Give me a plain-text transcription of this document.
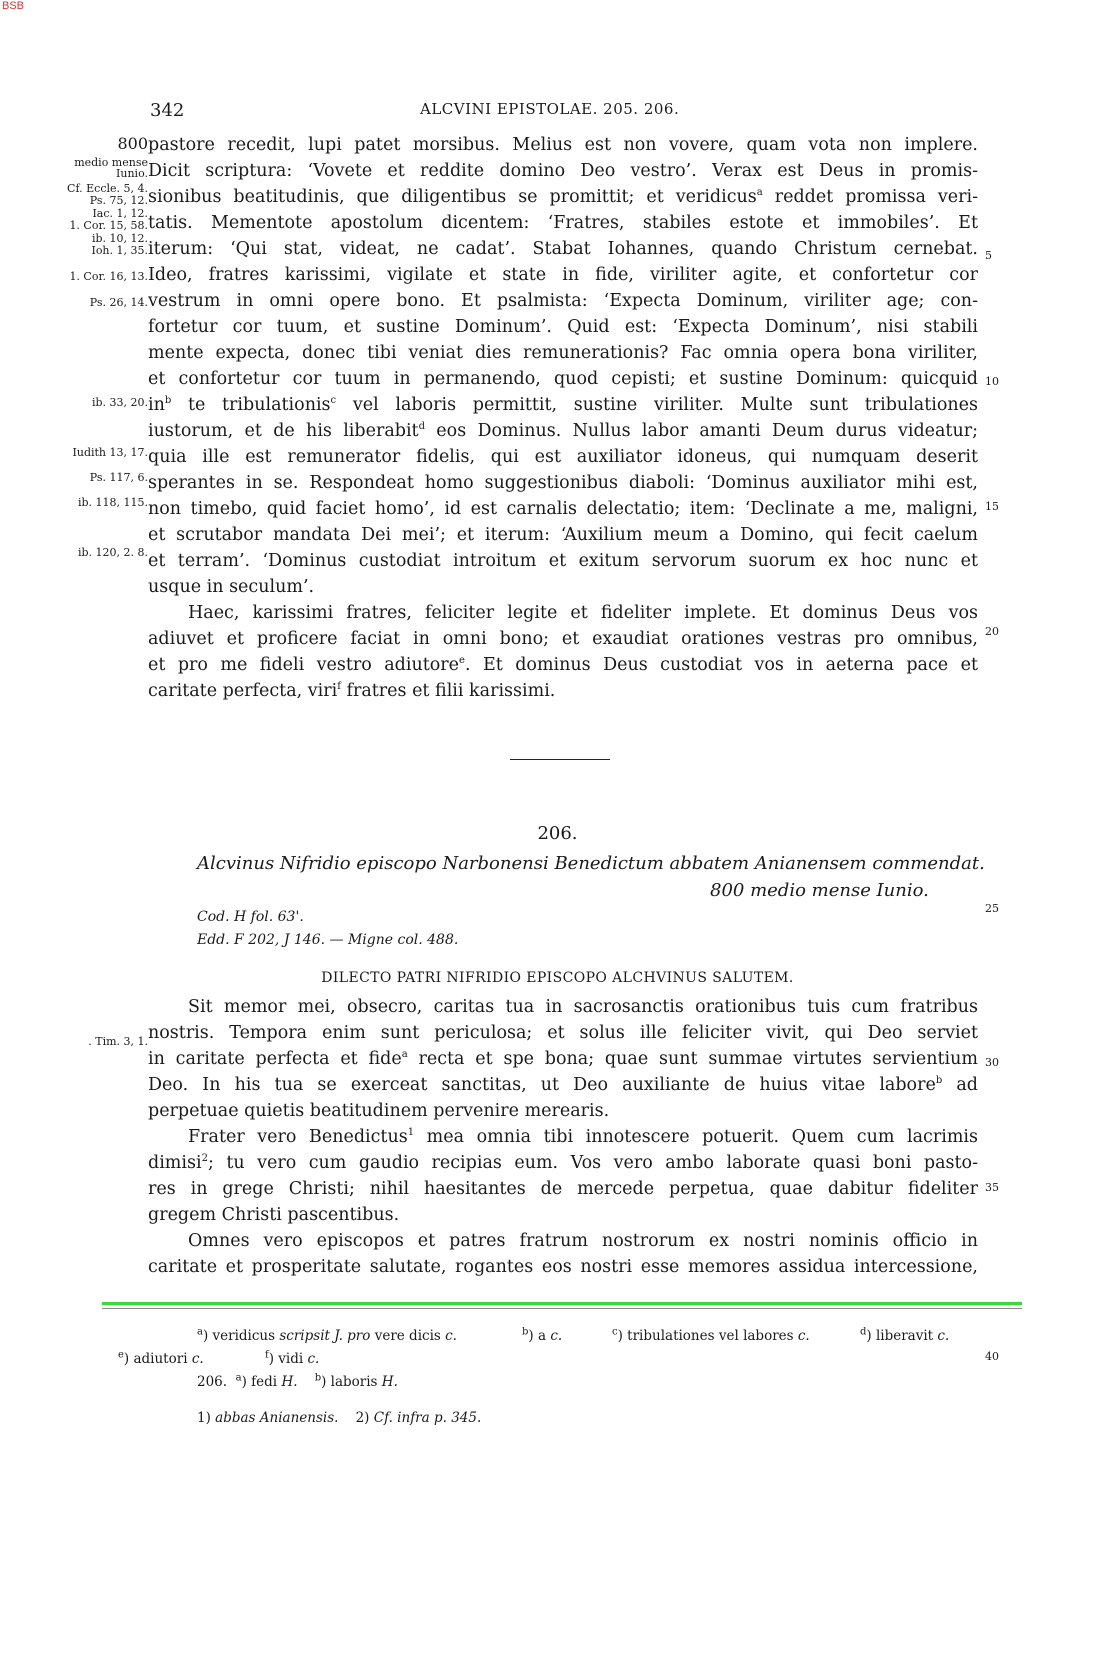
BSB
342	ALCVINI EPISTOLAE. 205. 206.
800
medio mense
Iunio.
Cf. Eccle. 5, 4.
Ps. 75, 12.
Iac. 1, 12.
1. Cor. 15, 58.
ib. 10, 12.
Ioh. 1, 35.
1. Cor. 16, 13.
Ps. 26, 14.
ib. 33, 20.
Iudith 13, 17.
Ps. 117, 6.
ib. 118, 115.
ib. 120, 2. 8.
5
10
15
20
25
30
35
40
pastore recedit, lupi patet morsibus. Melius est non vovere, quam vota non implere.
Dicit scriptura: ‘Vovete et reddite domino Deo vestro’. Verax est Deus in promis-
sionibus beatitudinis, que diligentibus se promittit; et veridicus$^a$ reddet promissa veri-
tatis. Mementote apostolum dicentem: ‘Fratres, stabiles estote et immobiles’. Et
iterum: ‘Qui stat, videat, ne cadat’. Stabat Iohannes, quando Christum cernebat.
Ideo, fratres karissimi, vigilate et state in fide, viriliter agite, et confortetur cor
vestrum in omni opere bono. Et psalmista: ‘Expecta Dominum, viriliter age; con-
fortetur cor tuum, et sustine Dominum’. Quid est: ‘Expecta Dominum’, nisi stabili
mente expecta, donec tibi veniat dies remunerationis? Fac omnia opera bona viriliter,
et confortetur cor tuum in permanendo, quod cepisti; et sustine Dominum: quicquid
$in^b$ te tribulationis$^c$ vel laboris permittit, sustine viriliter. Multe sunt tribulationes
iustorum, et de his liberabit$^d$ eos Dominus. Nullus labor amanti Deum durus videatur;
quia ille est remunerator fidelis, qui est auxiliator idoneus, qui numquam deserit
sperantes in se. Respondeat homo suggestionibus diaboli: ‘Dominus auxiliator mihi est,
non timebo, quid faciet homo’, id est carnalis delectatio; item: ‘Declinate a me, maligni,
et scrutabor mandata Dei mei’; et iterum: ‘Auxilium meum a Domino, qui fecit caelum
et terram’. ‘Dominus custodiat introitum et exitum servorum suorum ex hoc nunc et
usque in seculum’.
Haec, karissimi fratres, feliciter legite et fideliter implete. Et dominus Deus vos
adiuvet et proficere faciat in omni bono; et exaudiat orationes vestras pro omnibus,
et pro me fideli vestro adiutore$^e$. Et dominus Deus custodiat vos in aeterna pace et
caritate perfecta, viri$^f$ fratres et filii karissimi.
206.
Alcvinus Nifridio episcopo Narbonensi Benedictum abbatem Anianensem commendat.
800 medio mense Iunio.
Cod. H fol. 63'.
Edd. F 202, J 146. — Migne col. 488.
DILECTO PATRI NIFRIDIO EPISCOPO ALCHVINUS SALUTEM.
. Tim. 3, 1.
Sit memor mei, obsecro, caritas tua in sacrosanctis orationibus tuis cum fratribus
nostris. Tempora enim sunt periculosa; et solus ille feliciter vivit, qui Deo serviet
in caritate perfecta et fide$^a$ recta et spe bona; quae sunt summae virtutes servientium
Deo. In his tua se exerceat sanctitas, ut Deo auxiliante de huius vitae labore$^b$ ad
perpetuae quietis beatitudinem pervenire merearis.
Frater vero Benedictus$^1$ mea omnia tibi innotescere potuerit. Quem cum lacrimis
dimisi$^2$; tu vero cum gaudio recipias eum. Vos vero ambo laborate quasi boni pasto-
res in grege Christi; nihil haesitantes de mercede perpetua, quae dabitur fideliter
gregem Christi pascentibus.
Omnes vero episcopos et patres fratrum nostrorum ex nostri nominis officio in
caritate et prosperitate salutate, rogantes eos nostri esse memores assidua intercessione,
$^a$) veridicus scripsit J. pro vere dicis c.	$^b$) a c.	$^c$) tribulationes vel labores c.	$^d$) liberavit c.
$^e$) adiutori c.	$^f$) vidi c.
206. $^a$) fedi H. $^b$) laboris H.
1) abbas Anianensis. 2) Cf. infra p. 345.
